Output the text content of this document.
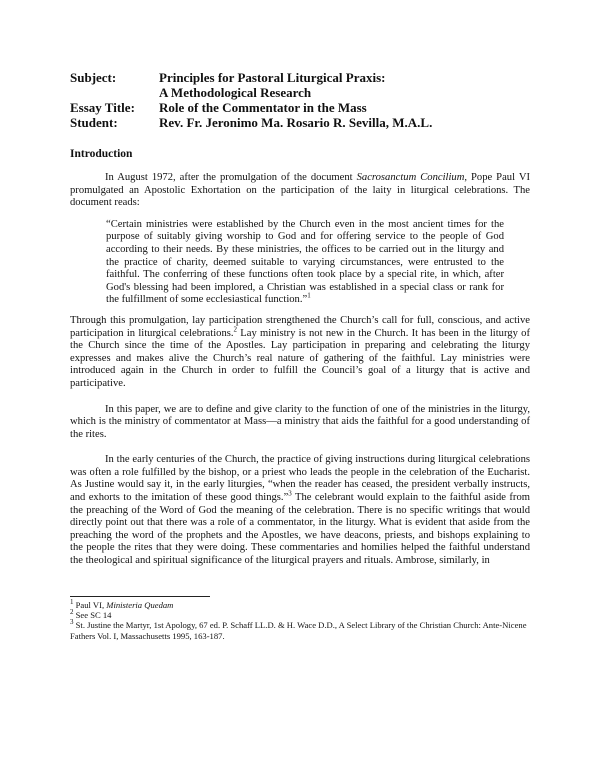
Subject:	Principles for Pastoral Liturgical Praxis:
A Methodological Research
Essay Title:	Role of the Commentator in the Mass
Student:	Rev. Fr. Jeronimo Ma. Rosario R. Sevilla, M.A.L.
Introduction

In August 1972, after the promulgation of the document Sacrosanctum Concilium, Pope Paul VI promulgated an Apostolic Exhortation on the participation of the laity in liturgical celebrations. The document reads:

“Certain ministries were established by the Church even in the most ancient times for the purpose of suitably giving worship to God and for offering service to the people of God according to their needs. By these ministries, the offices to be carried out in the liturgy and the practice of charity, deemed suitable to varying circumstances, were entrusted to the faithful. The conferring of these functions often took place by a special rite, in which, after God's blessing had been implored, a Christian was established in a special class or rank for the fulfillment of some ecclesiastical function.”$^1$

Through this promulgation, lay participation strengthened the Church’s call for full, conscious, and active participation in liturgical celebrations.$^2$ Lay ministry is not new in the Church. It has been in the liturgy of the Church since the time of the Apostles. Lay participation in preparing and celebrating the liturgy expresses and makes alive the Church’s real nature of gathering of the faithful. Lay ministries were introduced again in the Church in order to fulfill the Council’s goal of a liturgy that is active and participative.

In this paper, we are to define and give clarity to the function of one of the ministries in the liturgy, which is the ministry of commentator at Mass—a ministry that aids the faithful for a good understanding of the rites.

In the early centuries of the Church, the practice of giving instructions during liturgical celebrations was often a role fulfilled by the bishop, or a priest who leads the people in the celebration of the Eucharist. As Justine would say it, in the early liturgies, “when the reader has ceased, the president verbally instructs, and exhorts to the imitation of these good things.”$^3$ The celebrant would explain to the faithful aside from the preaching of the Word of God the meaning of the celebration. There is no specific writings that would directly point out that there was a role of a commentator, in the liturgy. What is evident that aside from the preaching the word of the prophets and the Apostles, we have deacons, priests, and bishops explaining to the people the rites that they were doing. These commentaries and homilies helped the faithful understand the theological and spiritual significance of the liturgical prayers and rituals. Ambrose, similarly, in

$^1$ Paul VI, Ministeria Quedam
$^2$ See SC 14
$^3$ St. Justine the Martyr, 1st Apology, 67 ed. P. Schaff LL.D. & H. Wace D.D., A Select Library of the Christian Church: Ante-Nicene Fathers Vol. I, Massachusetts 1995, 163-187.
